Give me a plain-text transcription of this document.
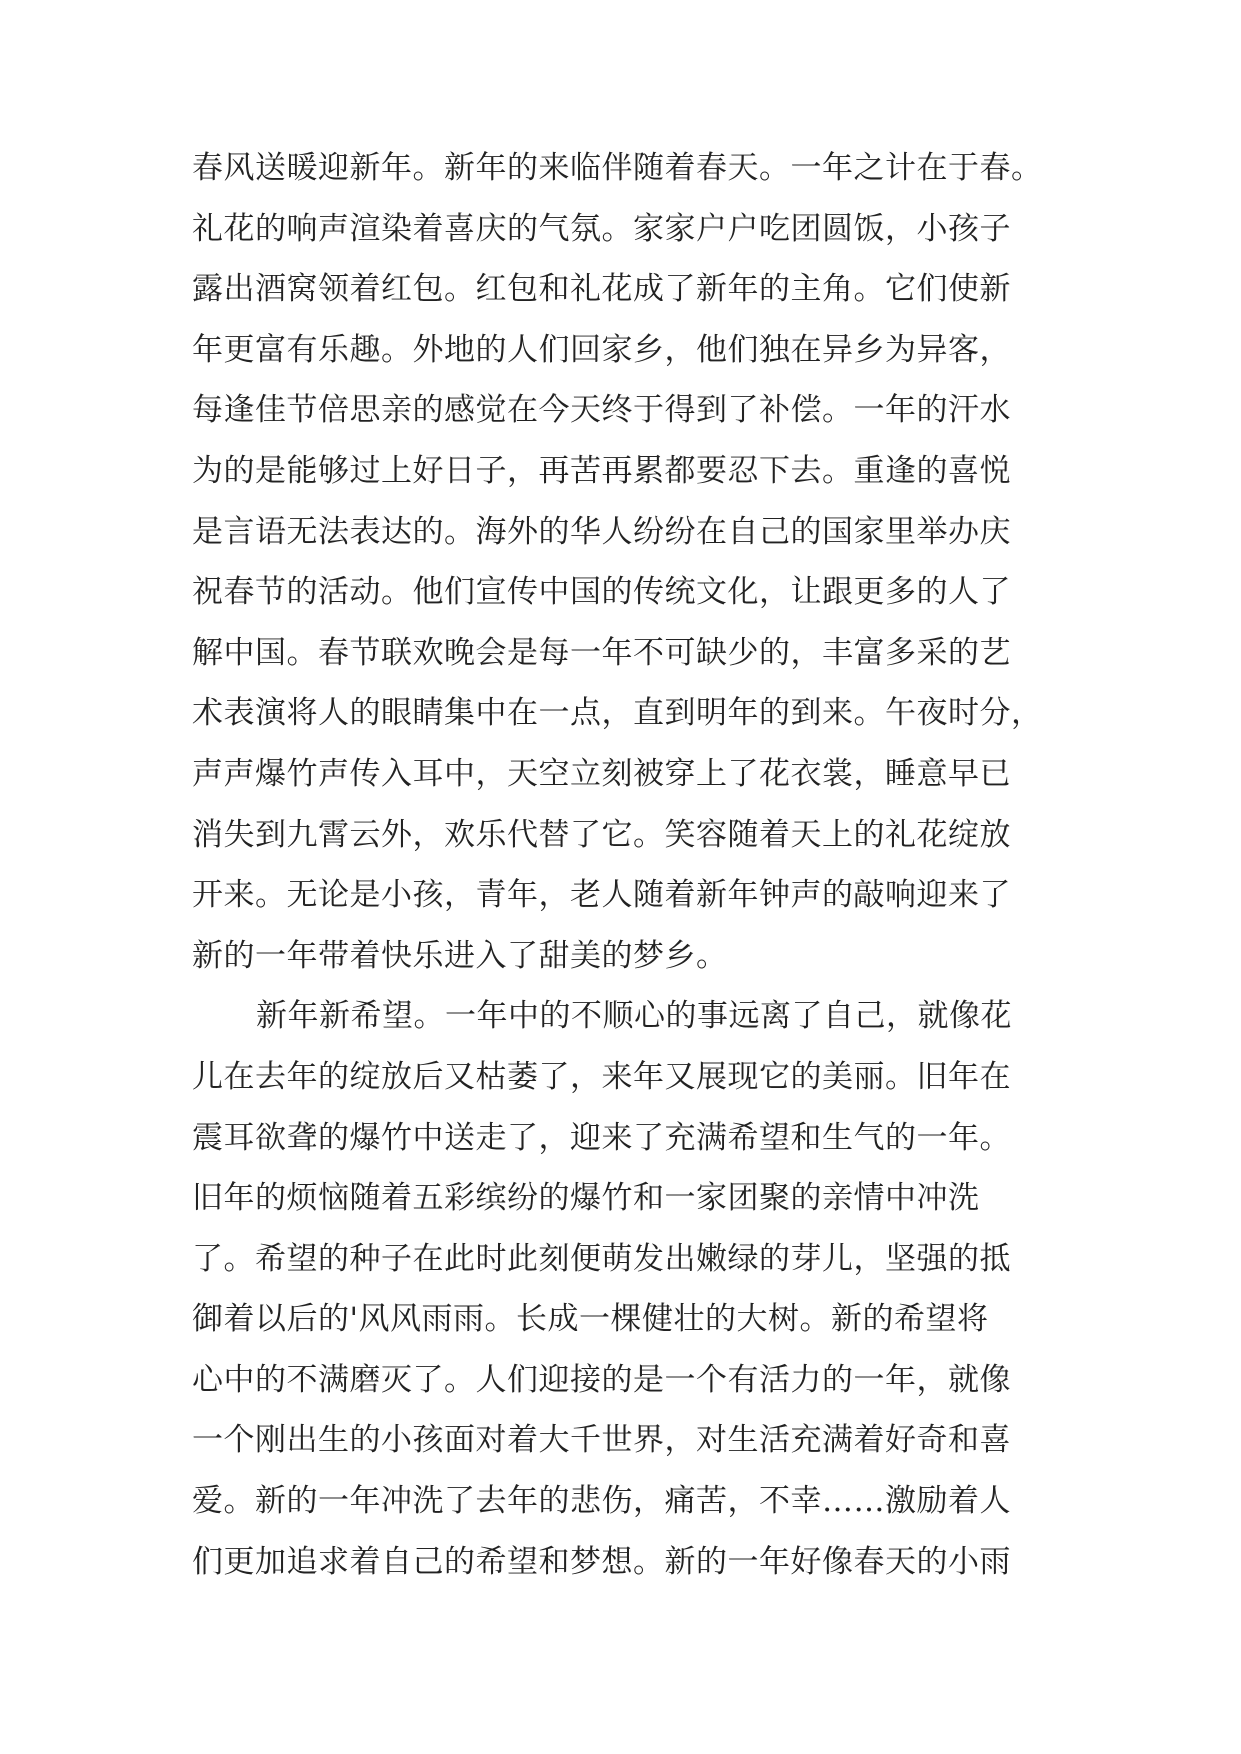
春风送暖迎新年。新年的来临伴随着春天。一年之计在于春。
礼花的响声渲染着喜庆的气氛。家家户户吃团圆饭，小孩子
露出酒窝领着红包。红包和礼花成了新年的主角。它们使新
年更富有乐趣。外地的人们回家乡，他们独在异乡为异客，
每逢佳节倍思亲的感觉在今天终于得到了补偿。一年的汗水
为的是能够过上好日子，再苦再累都要忍下去。重逢的喜悦
是言语无法表达的。海外的华人纷纷在自己的国家里举办庆
祝春节的活动。他们宣传中国的传统文化，让跟更多的人了
解中国。春节联欢晚会是每一年不可缺少的，丰富多采的艺
术表演将人的眼睛集中在一点，直到明年的到来。午夜时分，
声声爆竹声传入耳中，天空立刻被穿上了花衣裳，睡意早已
消失到九霄云外，欢乐代替了它。笑容随着天上的礼花绽放
开来。无论是小孩，青年，老人随着新年钟声的敲响迎来了
新的一年带着快乐进入了甜美的梦乡。
新年新希望。一年中的不顺心的事远离了自己，就像花
儿在去年的绽放后又枯萎了，来年又展现它的美丽。旧年在
震耳欲聋的爆竹中送走了，迎来了充满希望和生气的一年。
旧年的烦恼随着五彩缤纷的爆竹和一家团聚的亲情中冲洗
了。希望的种子在此时此刻便萌发出嫩绿的芽儿，坚强的抵
御着以后的'风风雨雨。长成一棵健壮的大树。新的希望将
心中的不满磨灭了。人们迎接的是一个有活力的一年，就像
一个刚出生的小孩面对着大千世界，对生活充满着好奇和喜
爱。新的一年冲洗了去年的悲伤，痛苦，不幸……激励着人
们更加追求着自己的希望和梦想。新的一年好像春天的小雨
